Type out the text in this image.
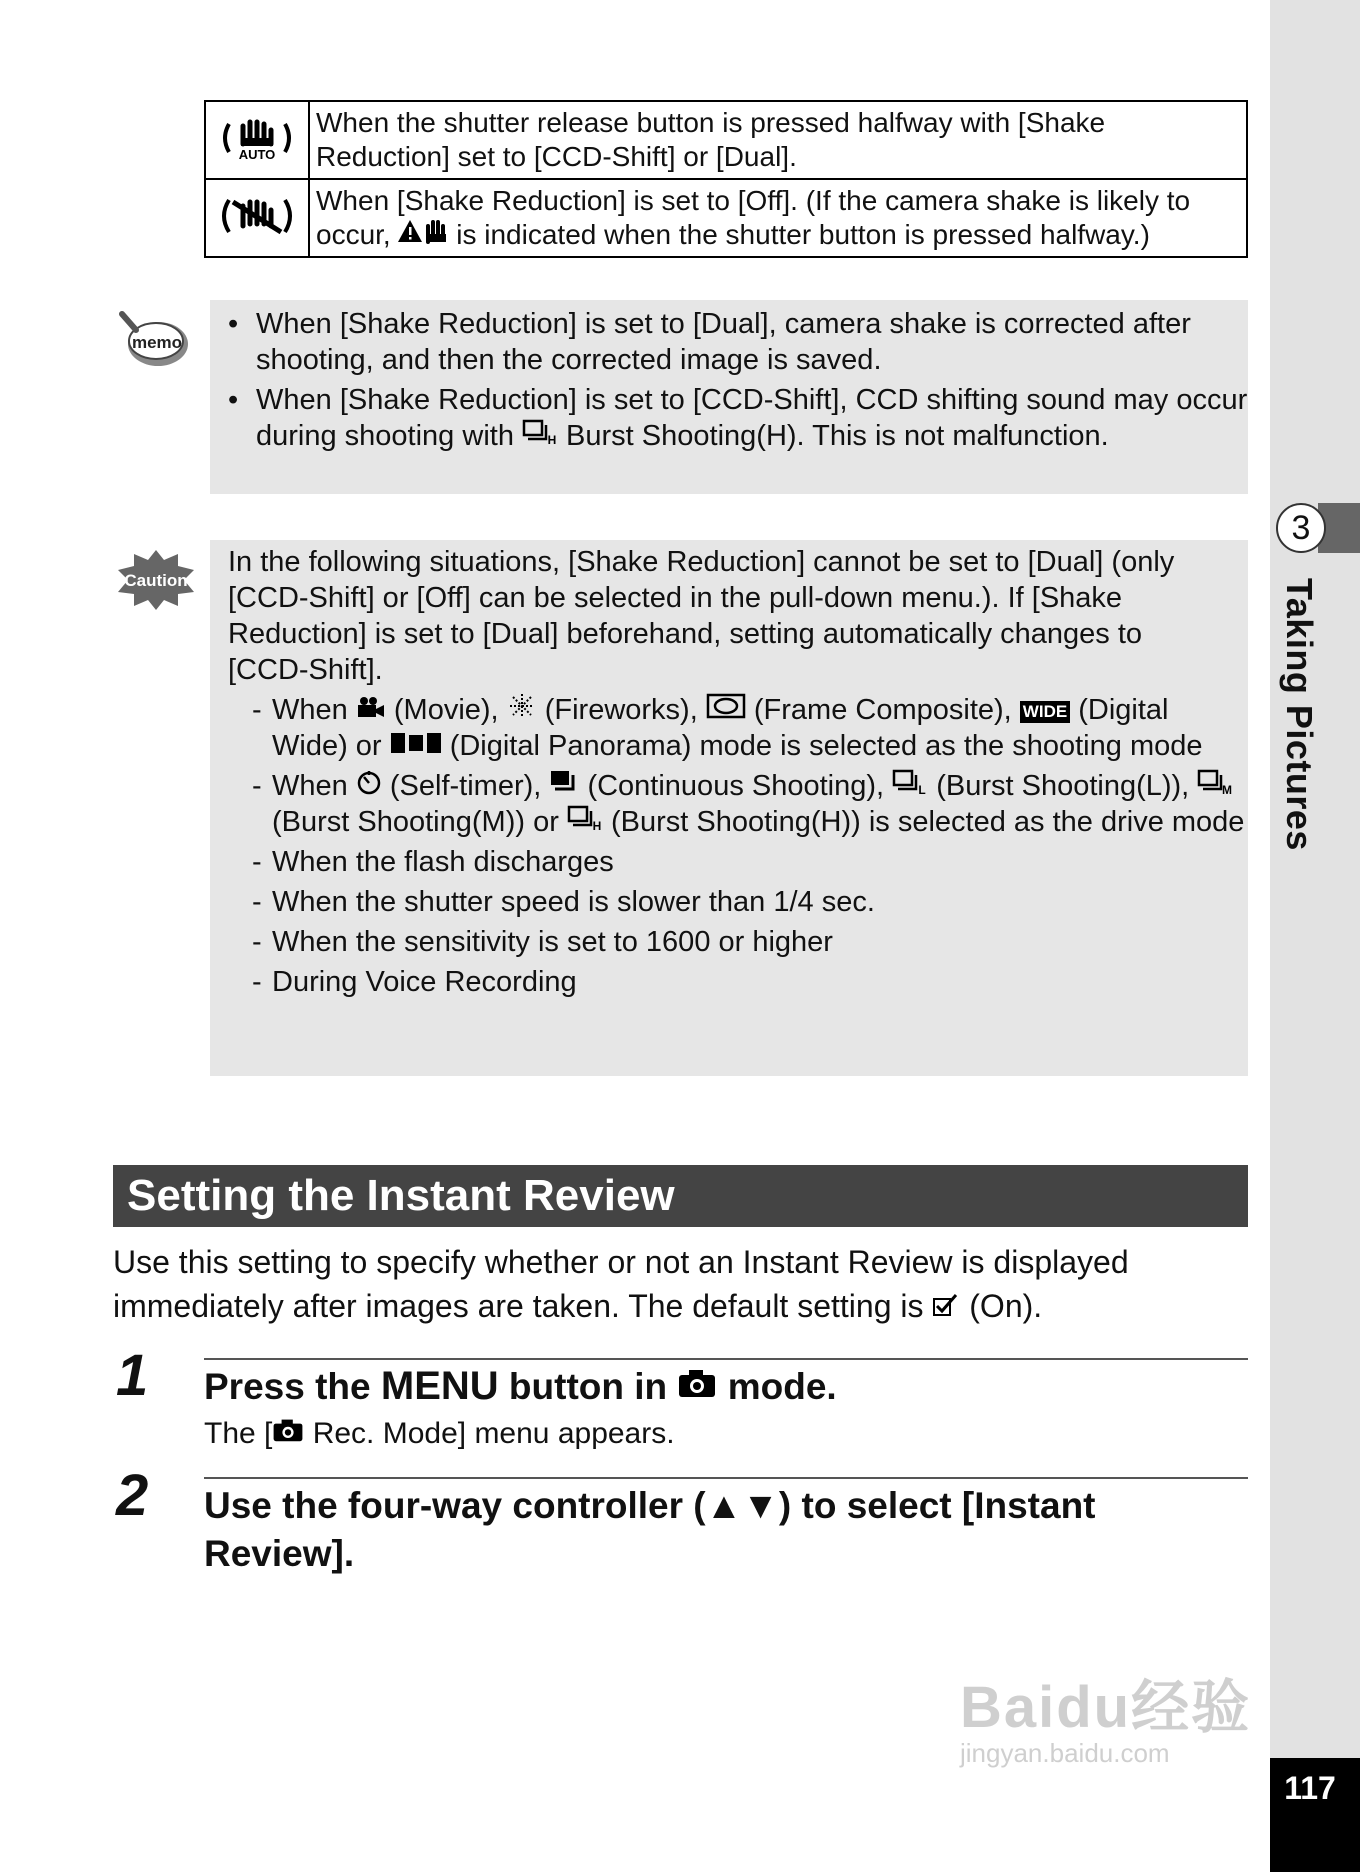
3
Taking Pictures
117
AUTO	When the shutter release button is pressed halfway with [Shake Reduction] set to [CCD-Shift] or [Dual].
	When [Shake Reduction] is set to [Off]. (If the camera shake is likely to occur,  is indicated when the shutter button is pressed halfway.)
memo
• When [Shake Reduction] is set to [Dual], camera shake is corrected after shooting, and then the corrected image is saved.
• When [Shake Reduction] is set to [CCD-Shift], CCD shifting sound may occur during shooting with H Burst Shooting(H). This is not malfunction.
Caution
In the following situations, [Shake Reduction] cannot be set to [Dual] (only [CCD-Shift] or [Off] can be selected in the pull-down menu.). If [Shake Reduction] is set to [Dual] beforehand, setting automatically changes to [CCD-Shift].
- When  (Movie),  (Fireworks),  (Frame Composite), WIDE (Digital Wide) or  (Digital Panorama) mode is selected as the shooting mode
- When  (Self-timer),  (Continuous Shooting), L (Burst Shooting(L)), M
(Burst Shooting(M)) or H (Burst Shooting(H)) is selected as the drive mode
- When the flash discharges
- When the shutter speed is slower than 1/4 sec.
- When the sensitivity is set to 1600 or higher
- During Voice Recording
Setting the Instant Review
Use this setting to specify whether or not an Instant Review is displayed immediately after images are taken. The default setting is  (On).
1 Press the MENU button in  mode.
The [ Rec. Mode] menu appears.
2 Use the four-way controller (▲▼) to select [Instant Review].
Baidu经验
jingyan.baidu.com
